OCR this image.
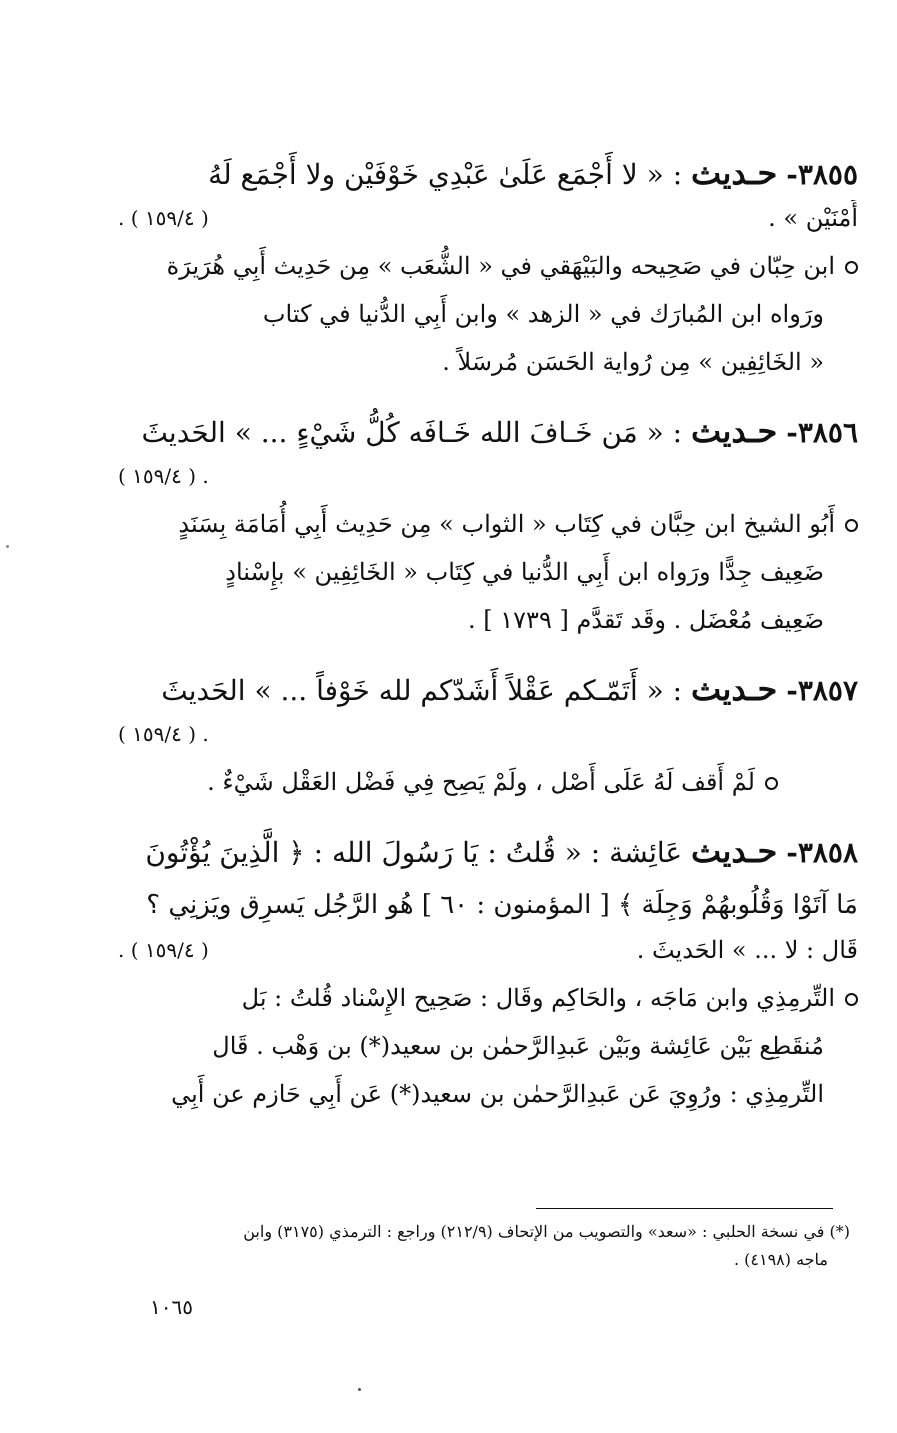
٣٨٥٥- حـديث : « لا أَجْمَع عَلَىٰ عَبْدِي خَوْفَيْن ولا أَجْمَع لَهُ
أَمْنَيْن » .
( ١٥٩/٤ ) .
ابن حِبّان في صَحِيحه والبَيْهَقي في « الشُّعَب » مِن حَدِيث أَبِي هُرَيرَة
ورَواه ابن المُبارَك في « الزهد » وابن أَبِي الدُّنيا في كتاب
« الخَائِفِين » مِن رُواية الحَسَن مُرسَلاً .
٣٨٥٦- حـديث : « مَن خَـافَ الله خَـافَه كُلُّ شَيْءٍ ... » الحَديثَ
( ١٥٩/٤ ) .
أَبُو الشيخ ابن حِبَّان في كِتَاب « الثواب » مِن حَدِيث أَبِي أُمَامَة بِسَنَدٍ
ضَعِيف جِدًّا ورَواه ابن أَبِي الدُّنيا في كِتَاب « الخَائِفِين » بإِسْنادٍ
ضَعِيف مُعْضَل . وقَد تَقدَّم [ ١٧٣٩ ] .
٣٨٥٧- حـديث : « أَتَمّـكم عَقْلاً أَشَدّكم لله خَوْفاً ... » الحَديثَ
( ١٥٩/٤ ) .
لَمْ أَقف لَهُ عَلَى أَصْل ، ولَمْ يَصِح فِي فَضْل العَقْل شَيْءٌ .
٣٨٥٨- حـديث عَائِشة : « قُلتُ : يَا رَسُولَ الله : ﴿ الَّذِينَ يُؤْتُونَ
مَا آتَوْا وَقُلُوبهُمْ وَجِلَة ﴾ [ المؤمنون : ٦٠ ] هُو الرَّجُل يَسرِق ويَزنِي ؟
قَال : لا ... » الحَديثَ .
( ١٥٩/٤ ) .
التِّرمِذِي وابن مَاجَه ، والحَاكِم وقَال : صَحِيح الإِسْناد قُلتُ : بَل
مُنقَطِع بَيْن عَائِشة وبَيْن عَبدِالرَّحمٰن بن سعيد(*) بن وَهْب . قَال
التِّرمِذِي : ورُوِيَ عَن عَبدِالرَّحمٰن بن سعيد(*) عَن أَبِي حَازم عن أَبِي
(*) في نسخة الحلبي : «سعد» والتصويب من الإتحاف (٢١٢/٩) وراجع : الترمذي (٣١٧٥) وابن
ماجه (٤١٩٨) .
١٠٦٥
